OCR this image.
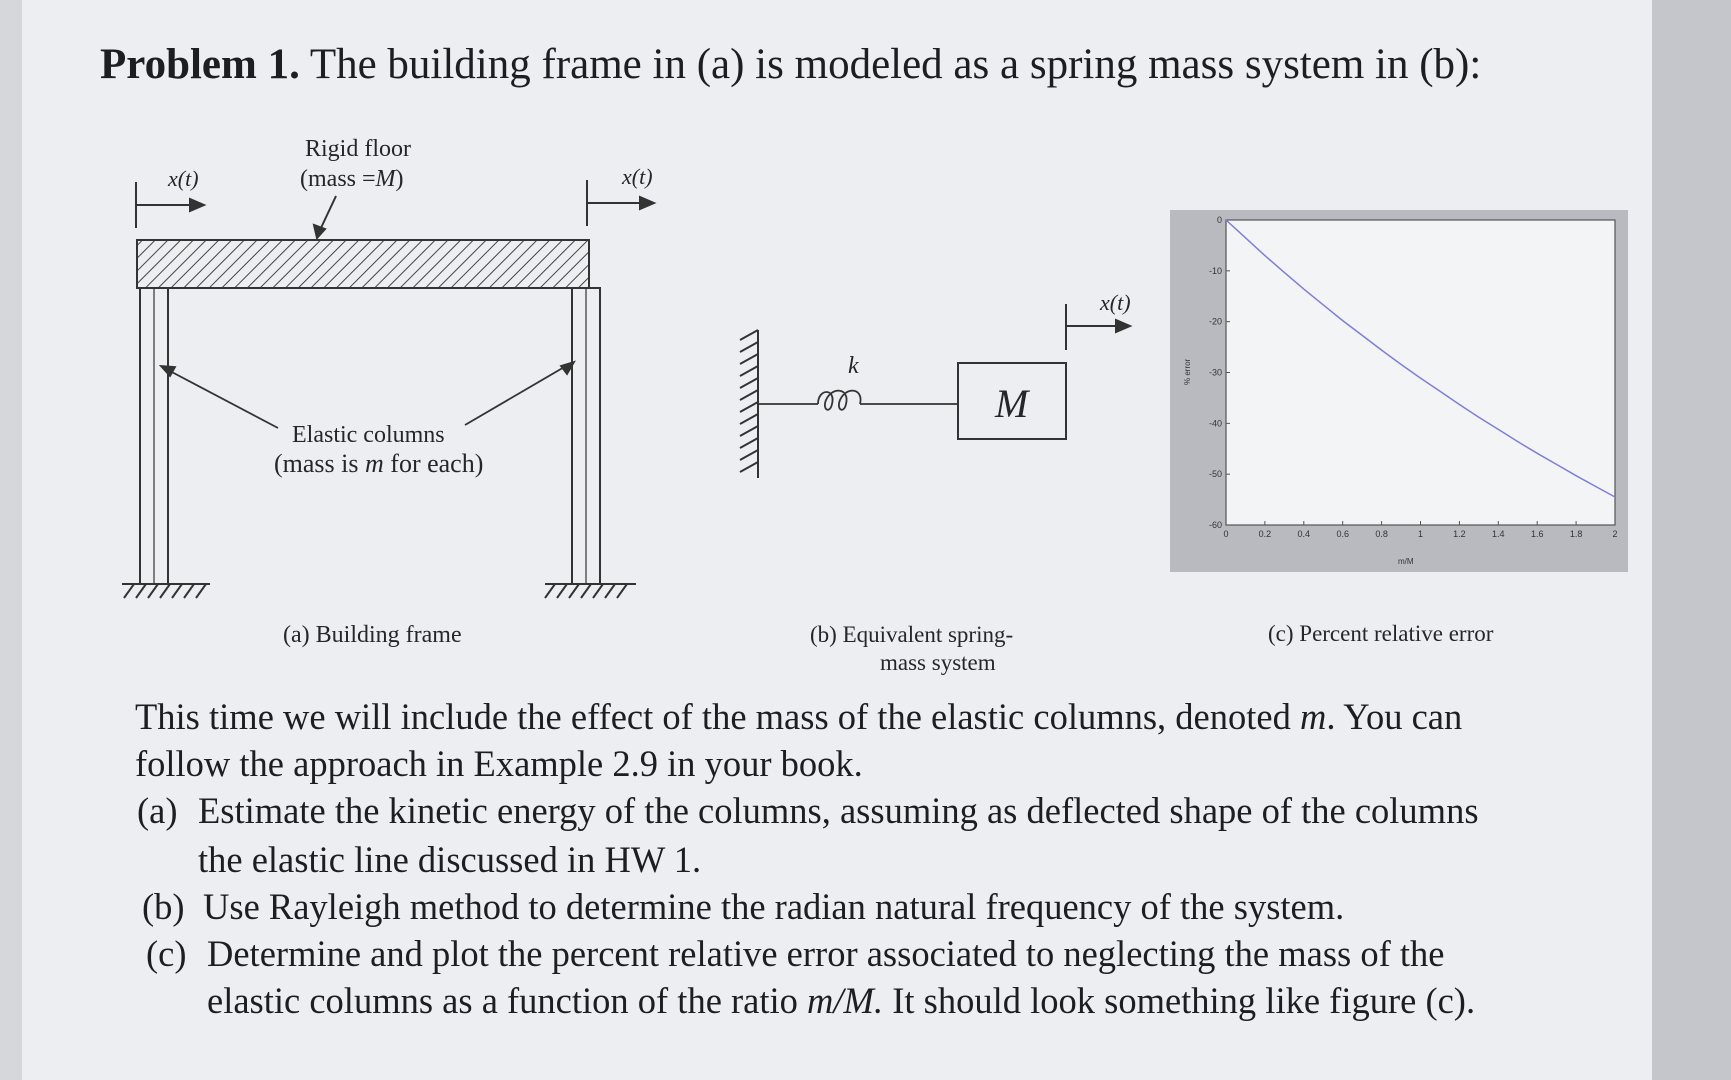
Problem 1. The building frame in (a) is modeled as a spring mass system in (b):
x(t)	x(t)
Rigid floor
(mass =M)
Elastic columns
(mass is m for each)
(a) Building frame
k
M
x(t)
(b) Equivalent spring-
mass system
0	0.2	0.4	0.6	0.8	1	1.2	1.4	1.6	1.8	2
0
-10
-20
-30
-40
-50
-60
m/M
% error
(c) Percent relative error

This time we will include the effect of the mass of the elastic columns, denoted m. You can

follow the approach in Example 2.9 in your book.

(a) Estimate the kinetic energy of the columns, assuming as deflected shape of the columns
the elastic line discussed in HW 1.
(b) Use Rayleigh method to determine the radian natural frequency of the system.
(c) Determine and plot the percent relative error associated to neglecting the mass of the
elastic columns as a function of the ratio m/M. It should look something like figure (c).
